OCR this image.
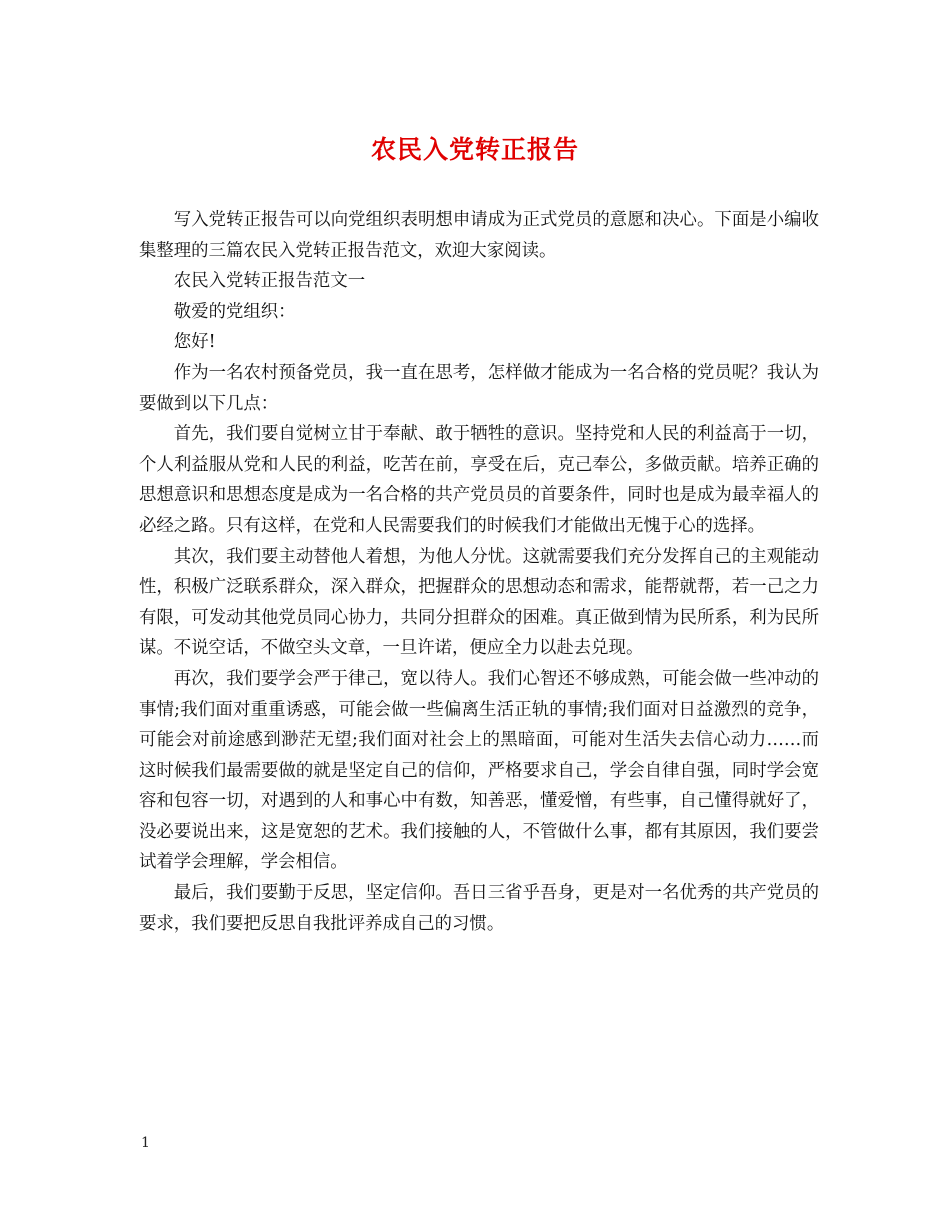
农民入党转正报告

写入党转正报告可以向党组织表明想申请成为正式党员的意愿和决心。下面是小编收集整理的三篇农民入党转正报告范文，欢迎大家阅读。

农民入党转正报告范文一

敬爱的党组织：

您好!

作为一名农村预备党员，我一直在思考，怎样做才能成为一名合格的党员呢？我认为要做到以下几点：

首先，我们要自觉树立甘于奉献、敢于牺牲的意识。坚持党和人民的利益高于一切，个人利益服从党和人民的利益，吃苦在前，享受在后，克己奉公，多做贡献。培养正确的思想意识和思想态度是成为一名合格的共产党员员的首要条件，同时也是成为最幸福人的必经之路。只有这样，在党和人民需要我们的时候我们才能做出无愧于心的选择。

其次，我们要主动替他人着想，为他人分忧。这就需要我们充分发挥自己的主观能动性，积极广泛联系群众，深入群众，把握群众的思想动态和需求，能帮就帮，若一己之力有限，可发动其他党员同心协力，共同分担群众的困难。真正做到情为民所系，利为民所谋。不说空话，不做空头文章，一旦许诺，便应全力以赴去兑现。

再次，我们要学会严于律己，宽以待人。我们心智还不够成熟，可能会做一些冲动的事情;我们面对重重诱惑，可能会做一些偏离生活正轨的事情;我们面对日益激烈的竞争，可能会对前途感到渺茫无望;我们面对社会上的黑暗面，可能对生活失去信心动力……而这时候我们最需要做的就是坚定自己的信仰，严格要求自己，学会自律自强，同时学会宽容和包容一切，对遇到的人和事心中有数，知善恶，懂爱憎，有些事，自己懂得就好了，没必要说出来，这是宽恕的艺术。我们接触的人，不管做什么事，都有其原因，我们要尝试着学会理解，学会相信。

最后，我们要勤于反思，坚定信仰。吾日三省乎吾身，更是对一名优秀的共产党员的要求，我们要把反思自我批评养成自己的习惯。

1
